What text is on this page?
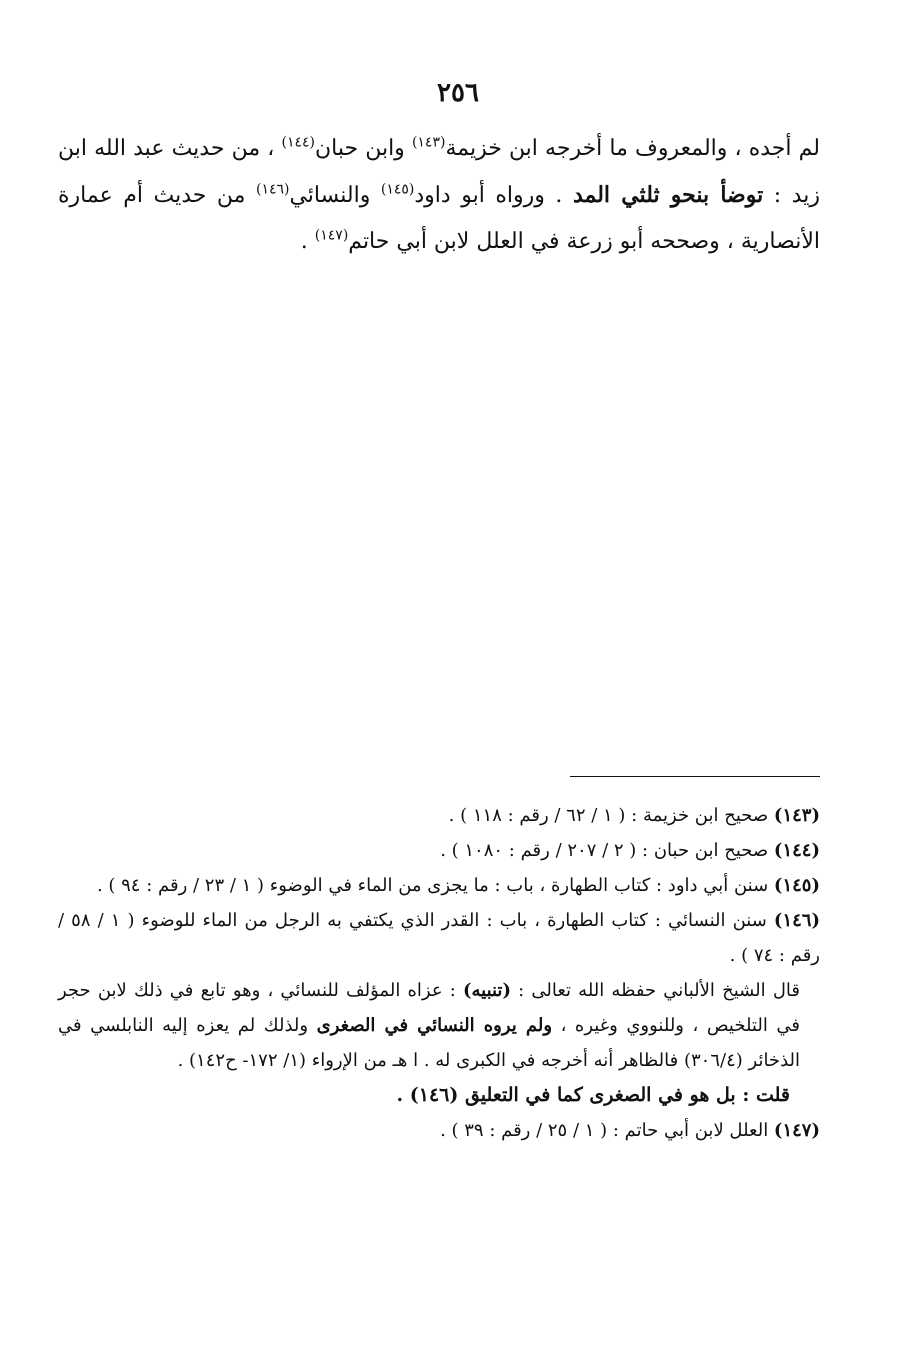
٢٥٦

لم أجده ، والمعروف ما أخرجه ابن خزيمة$^{(١٤٣)}$ وابن حبان$^{(١٤٤)}$ ، من حديث عبد الله ابن زيد : توضأ بنحو ثلثي المد . ورواه أبو داود$^{(١٤٥)}$ والنسائي$^{(١٤٦)}$ من حديث أم عمارة الأنصارية ، وصححه أبو زرعة في العلل لابن أبي حاتم$^{(١٤٧)}$ .

(١٤٣) صحيح ابن خزيمة : ( ١ / ٦٢ / رقم : ١١٨ ) .

(١٤٤) صحيح ابن حبان : ( ٢ / ٢٠٧ / رقم : ١٠٨٠ ) .

(١٤٥) سنن أبي داود : كتاب الطهارة ، باب : ما يجزى من الماء في الوضوء ( ١ / ٢٣ / رقم : ٩٤ ) .

(١٤٦) سنن النسائي : كتاب الطهارة ، باب : القدر الذي يكتفي به الرجل من الماء للوضوء ( ١ / ٥٨ / رقم : ٧٤ ) .

قال الشيخ الألباني حفظه الله تعالى : (تنبيه) : عزاه المؤلف للنسائي ، وهو تابع في ذلك لابن حجر في التلخيص ، وللنووي وغيره ، ولم يروه النسائي في الصغرى ولذلك لم يعزه إليه النابلسي في الذخائر (٣٠٦/٤) فالظاهر أنه أخرجه في الكبرى له . ا هـ من الإرواء (١/ ١٧٢- ح١٤٢) .

قلت : بل هو في الصغرى كما في التعليق (١٤٦) .

(١٤٧) العلل لابن أبي حاتم : ( ١ / ٢٥ / رقم : ٣٩ ) .
